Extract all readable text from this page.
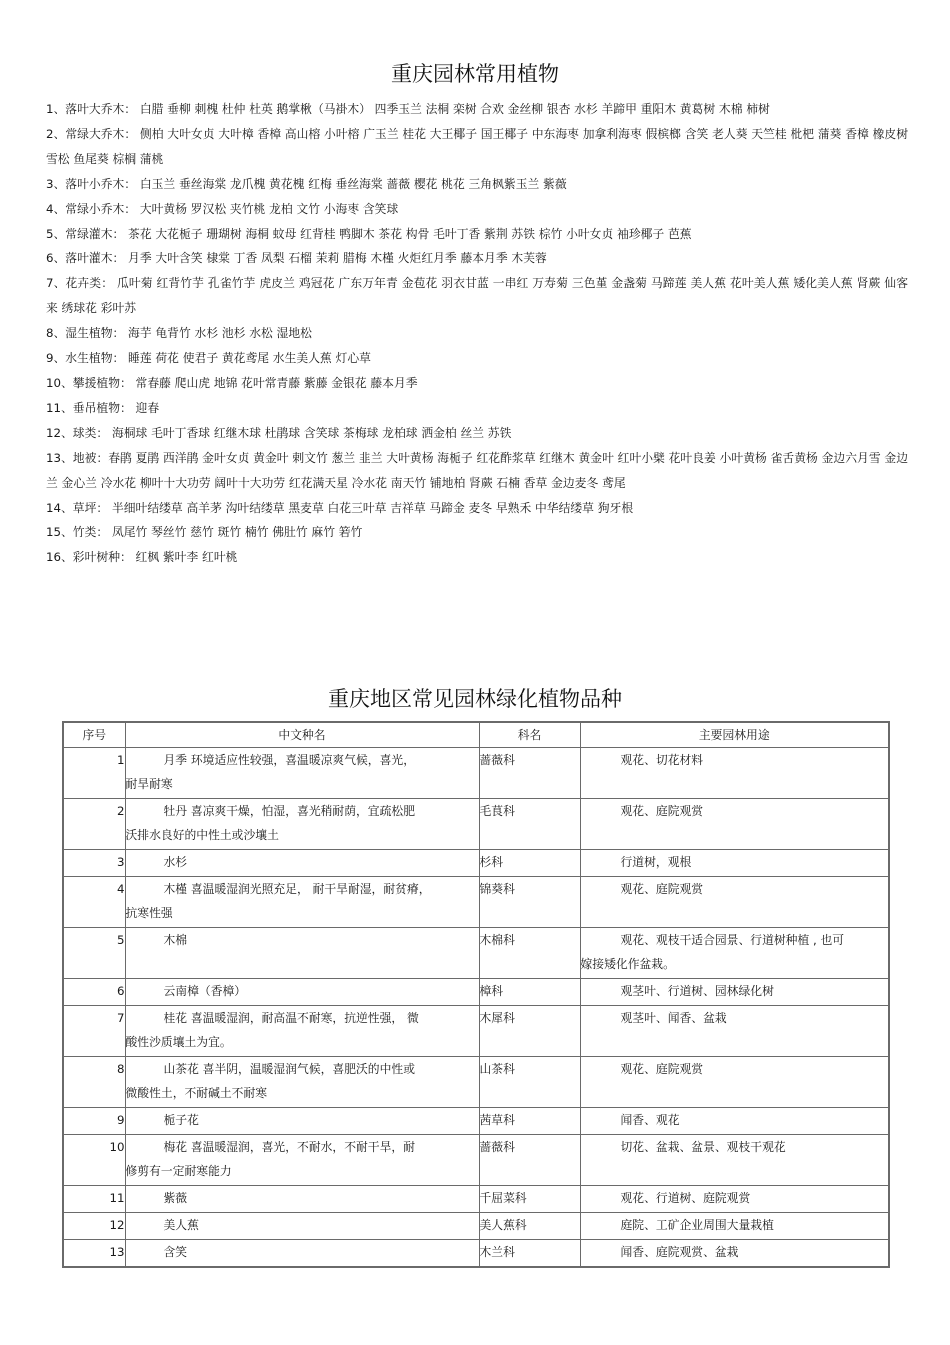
重庆园林常用植物
1、落叶大乔木： 白腊 垂柳 刺槐 杜仲 杜英 鹅掌楸（马褂木） 四季玉兰 法桐 栾树 合欢 金丝柳 银杏 水杉 羊蹄甲 重阳木 黄葛树 木棉 柿树
2、常绿大乔木： 侧柏 大叶女贞 大叶樟 香樟 高山榕 小叶榕 广玉兰 桂花 大王椰子 国王椰子 中东海枣 加拿利海枣 假槟榔 含笑 老人葵 天竺桂 枇杷 蒲葵 香樟 橡皮树 雪松 鱼尾葵 棕榈 蒲桃
3、落叶小乔木： 白玉兰 垂丝海棠 龙爪槐 黄花槐 红梅 垂丝海棠 蔷薇 樱花 桃花 三角枫紫玉兰 紫薇
4、常绿小乔木： 大叶黄杨 罗汉松 夹竹桃 龙柏 文竹 小海枣 含笑球
5、常绿灌木： 茶花 大花栀子 珊瑚树 海桐 蚊母 红背桂 鸭脚木 茶花 构骨 毛叶丁香 紫荆 苏铁 棕竹 小叶女贞 袖珍椰子 芭蕉
6、落叶灌木： 月季 大叶含笑 棣棠 丁香 凤梨 石榴 茉莉 腊梅 木槿 火炬红月季 藤本月季 木芙蓉
7、花卉类： 瓜叶菊 红背竹芋 孔雀竹芋 虎皮兰 鸡冠花 广东万年青 金苞花 羽衣甘蓝 一串红 万寿菊 三色堇 金盏菊 马蹄莲 美人蕉 花叶美人蕉 矮化美人蕉 肾蕨 仙客来 绣球花 彩叶苏
8、湿生植物： 海芋 龟背竹 水杉 池杉 水松 湿地松
9、水生植物： 睡莲 荷花 使君子 黄花鸢尾 水生美人蕉 灯心草
10、攀援植物： 常春藤 爬山虎 地锦 花叶常青藤 紫藤 金银花 藤本月季
11、垂吊植物： 迎春
12、球类： 海桐球 毛叶丁香球 红继木球 杜鹃球 含笑球 茶梅球 龙柏球 洒金柏 丝兰 苏铁
13、地被：春鹃 夏鹃 西洋鹃 金叶女贞 黄金叶 剌文竹 葱兰 韭兰 大叶黄杨 海栀子 红花酢浆草 红继木 黄金叶 红叶小檗 花叶良姜 小叶黄杨 雀舌黄杨 金边六月雪 金边兰 金心兰 冷水花 柳叶十大功劳 阔叶十大功劳 红花满天星 冷水花 南天竹 铺地柏 肾蕨 石楠 香草 金边麦冬 鸢尾
14、草坪： 半细叶结缕草 高羊茅 沟叶结缕草 黑麦草 白花三叶草 吉祥草 马蹄金 麦冬 早熟禾 中华结缕草 狗牙根
15、竹类： 凤尾竹 琴丝竹 慈竹 斑竹 楠竹 佛肚竹 麻竹 箬竹
16、彩叶树种： 红枫 紫叶李 红叶桃
重庆地区常见园林绿化植物品种
序号	中文种名	科名	主要园林用途
1	月季 环境适应性较强，喜温暖凉爽气候，喜光，
耐旱耐寒	蔷薇科	观花、切花材料

2	牡丹 喜凉爽干燥，怕湿，喜光稍耐荫，宜疏松肥
沃排水良好的中性土或沙壤土	毛茛科	观花、庭院观赏

3	水杉	杉科	行道树，观根

4	木槿 喜温暖湿润光照充足， 耐干旱耐湿，耐贫瘠，
抗寒性强	锦葵科	观花、庭院观赏

5	木棉	木棉科	观花、观枝干适合园景、行道树种植 , 也可
嫁接矮化作盆栽。

6	云南樟（香樟）	樟科	观茎叶、行道树、园林绿化树

7	桂花 喜温暖湿润，耐高温不耐寒，抗逆性强， 微
酸性沙质壤土为宜。	木犀科	观茎叶、闻香、盆栽

8	山茶花 喜半阴，温暖湿润气候，喜肥沃的中性或
微酸性土，不耐碱土不耐寒	山茶科	观花、庭院观赏

9	栀子花	茜草科	闻香、观花

10	梅花 喜温暖湿润，喜光，不耐水，不耐干旱，耐
修剪有一定耐寒能力	蔷薇科	切花、盆栽、盆景、观枝干观花

11	紫薇	千屈菜科	观花、行道树、庭院观赏

12	美人蕉	美人蕉科	庭院、工矿企业周围大量栽植

13	含笑	木兰科	闻香、庭院观赏、盆栽
